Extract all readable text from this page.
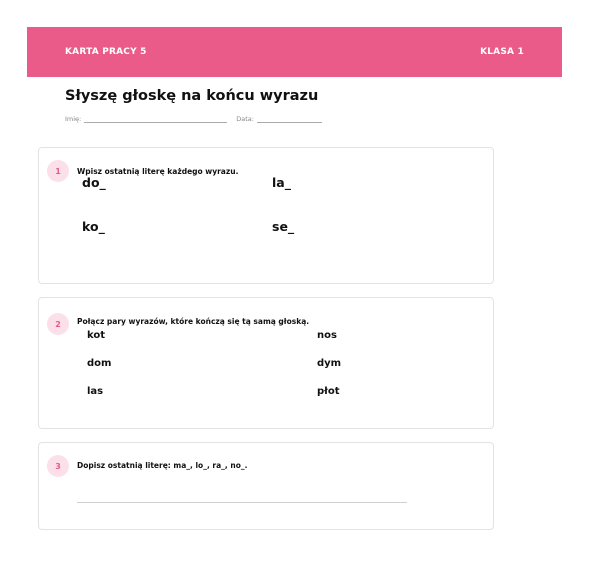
KARTA PRACY 5	KLASA 1
Słyszę głoskę na końcu wyrazu
Imię:	Data:
1	Wpisz ostatnią literę każdego wyrazu.
do_	la_
ko_	se_
2	Połącz pary wyrazów, które kończą się tą samą głoską.
kot	nos
dom	dym
las	płot
3	Dopisz ostatnią literę: ma_, lo_, ra_, no_.
